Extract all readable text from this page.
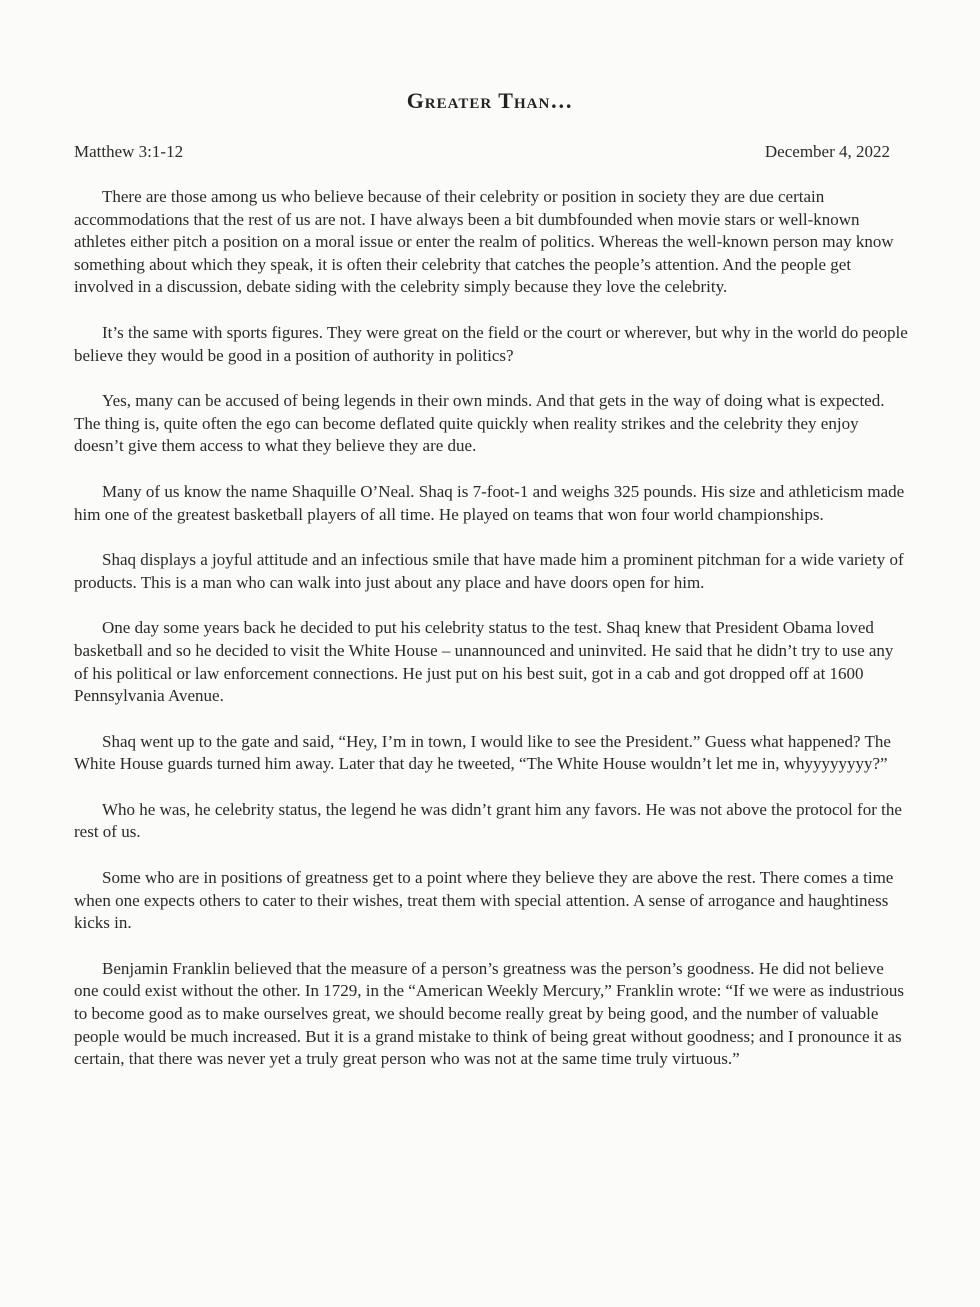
Greater Than…
Matthew 3:1-12	December 4, 2022

There are those among us who believe because of their celebrity or position in society they are due certain accommodations that the rest of us are not. I have always been a bit dumbfounded when movie stars or well-known athletes either pitch a position on a moral issue or enter the realm of politics. Whereas the well-known person may know something about which they speak, it is often their celebrity that catches the people’s attention. And the people get involved in a discussion, debate siding with the celebrity simply because they love the celebrity.

It’s the same with sports figures. They were great on the field or the court or wherever, but why in the world do people believe they would be good in a position of authority in politics?

Yes, many can be accused of being legends in their own minds. And that gets in the way of doing what is expected. The thing is, quite often the ego can become deflated quite quickly when reality strikes and the celebrity they enjoy doesn’t give them access to what they believe they are due.

Many of us know the name Shaquille O’Neal. Shaq is 7-foot-1 and weighs 325 pounds. His size and athleticism made him one of the greatest basketball players of all time. He played on teams that won four world championships.

Shaq displays a joyful attitude and an infectious smile that have made him a prominent pitchman for a wide variety of products. This is a man who can walk into just about any place and have doors open for him.

One day some years back he decided to put his celebrity status to the test. Shaq knew that President Obama loved basketball and so he decided to visit the White House – unannounced and uninvited. He said that he didn’t try to use any of his political or law enforcement connections. He just put on his best suit, got in a cab and got dropped off at 1600 Pennsylvania Avenue.

Shaq went up to the gate and said, “Hey, I’m in town, I would like to see the President.” Guess what happened? The White House guards turned him away. Later that day he tweeted, “The White House wouldn’t let me in, whyyyyyyyy?”

Who he was, he celebrity status, the legend he was didn’t grant him any favors. He was not above the protocol for the rest of us.

Some who are in positions of greatness get to a point where they believe they are above the rest. There comes a time when one expects others to cater to their wishes, treat them with special attention. A sense of arrogance and haughtiness kicks in.

Benjamin Franklin believed that the measure of a person’s greatness was the person’s goodness. He did not believe one could exist without the other. In 1729, in the “American Weekly Mercury,” Franklin wrote: “If we were as industrious to become good as to make ourselves great, we should become really great by being good, and the number of valuable people would be much increased. But it is a grand mistake to think of being great without goodness; and I pronounce it as certain, that there was never yet a truly great person who was not at the same time truly virtuous.”
